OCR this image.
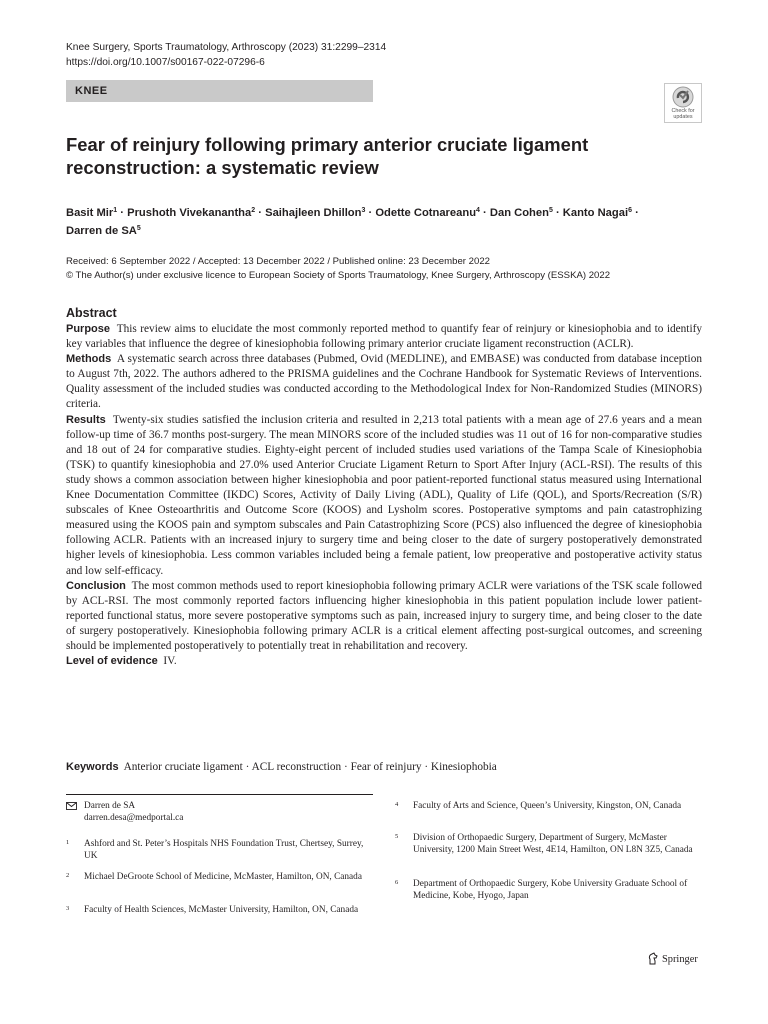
Knee Surgery, Sports Traumatology, Arthroscopy (2023) 31:2299–2314
https://doi.org/10.1007/s00167-022-07296-6
KNEE
Check for updates
Fear of reinjury following primary anterior cruciate ligament reconstruction: a systematic review
Basit Mir$^1$ · Prushoth Vivekanantha$^2$ · Saihajleen Dhillon$^3$ · Odette Cotnareanu$^4$ · Dan Cohen$^5$ · Kanto Nagai$^6$ ·
Darren de $SA^5$
Received: 6 September 2022 / Accepted: 13 December 2022 / Published online: 23 December 2022
© The Author(s) under exclusive licence to European Society of Sports Traumatology, Knee Surgery, Arthroscopy (ESSKA) 2022
Abstract

Purpose This review aims to elucidate the most commonly reported method to quantify fear of reinjury or kinesiophobia and to identify key variables that influence the degree of kinesiophobia following primary anterior cruciate ligament reconstruction (ACLR).

Methods A systematic search across three databases (Pubmed, Ovid (MEDLINE), and EMBASE) was conducted from database inception to August 7th, 2022. The authors adhered to the PRISMA guidelines and the Cochrane Handbook for Systematic Reviews of Interventions. Quality assessment of the included studies was conducted according to the Methodological Index for Non-Randomized Studies (MINORS) criteria.

Results Twenty-six studies satisfied the inclusion criteria and resulted in 2,213 total patients with a mean age of 27.6 years and a mean follow-up time of 36.7 months post-surgery. The mean MINORS score of the included studies was 11 out of 16 for non-comparative studies and 18 out of 24 for comparative studies. Eighty-eight percent of included studies used variations of the Tampa Scale of Kinesiophobia (TSK) to quantify kinesiophobia and 27.0% used Anterior Cruciate Ligament Return to Sport After Injury (ACL-RSI). The results of this study shows a common association between higher kinesiophobia and poor patient-reported functional status measured using International Knee Documentation Committee (IKDC) Scores, Activity of Daily Living (ADL), Quality of Life (QOL), and Sports/Recreation (S/R) subscales of Knee Osteoarthritis and Outcome Score (KOOS) and Lysholm scores. Postoperative symptoms and pain catastrophizing measured using the KOOS pain and symptom subscales and Pain Catastrophizing Score (PCS) also influenced the degree of kinesiophobia following ACLR. Patients with an increased injury to surgery time and being closer to the date of surgery postoperatively demonstrated higher levels of kinesiophobia. Less common variables included being a female patient, low preoperative and postoperative activity status and low self-efficacy.

Conclusion The most common methods used to report kinesiophobia following primary ACLR were variations of the TSK scale followed by ACL-RSI. The most commonly reported factors influencing higher kinesiophobia in this patient population include lower patient-reported functional status, more severe postoperative symptoms such as pain, increased injury to surgery time, and being closer to the date of surgery postoperatively. Kinesiophobia following primary ACLR is a critical element affecting post-surgical outcomes, and screening should be implemented postoperatively to potentially treat in rehabilitation and recovery.

Level of evidence IV.

Keywords Anterior cruciate ligament · ACL reconstruction · Fear of reinjury · Kinesiophobia
Darren de SA
darren.desa@medportal.ca
1 Ashford and St. Peter’s Hospitals NHS Foundation Trust, Chertsey, Surrey, UK
2 Michael DeGroote School of Medicine, McMaster, Hamilton, ON, Canada
3 Faculty of Health Sciences, McMaster University, Hamilton, ON, Canada
4 Faculty of Arts and Science, Queen’s University, Kingston, ON, Canada
5 Division of Orthopaedic Surgery, Department of Surgery, McMaster University, 1200 Main Street West, 4E14, Hamilton, ON L8N 3Z5, Canada
6 Department of Orthopaedic Surgery, Kobe University Graduate School of Medicine, Kobe, Hyogo, Japan
Springer
